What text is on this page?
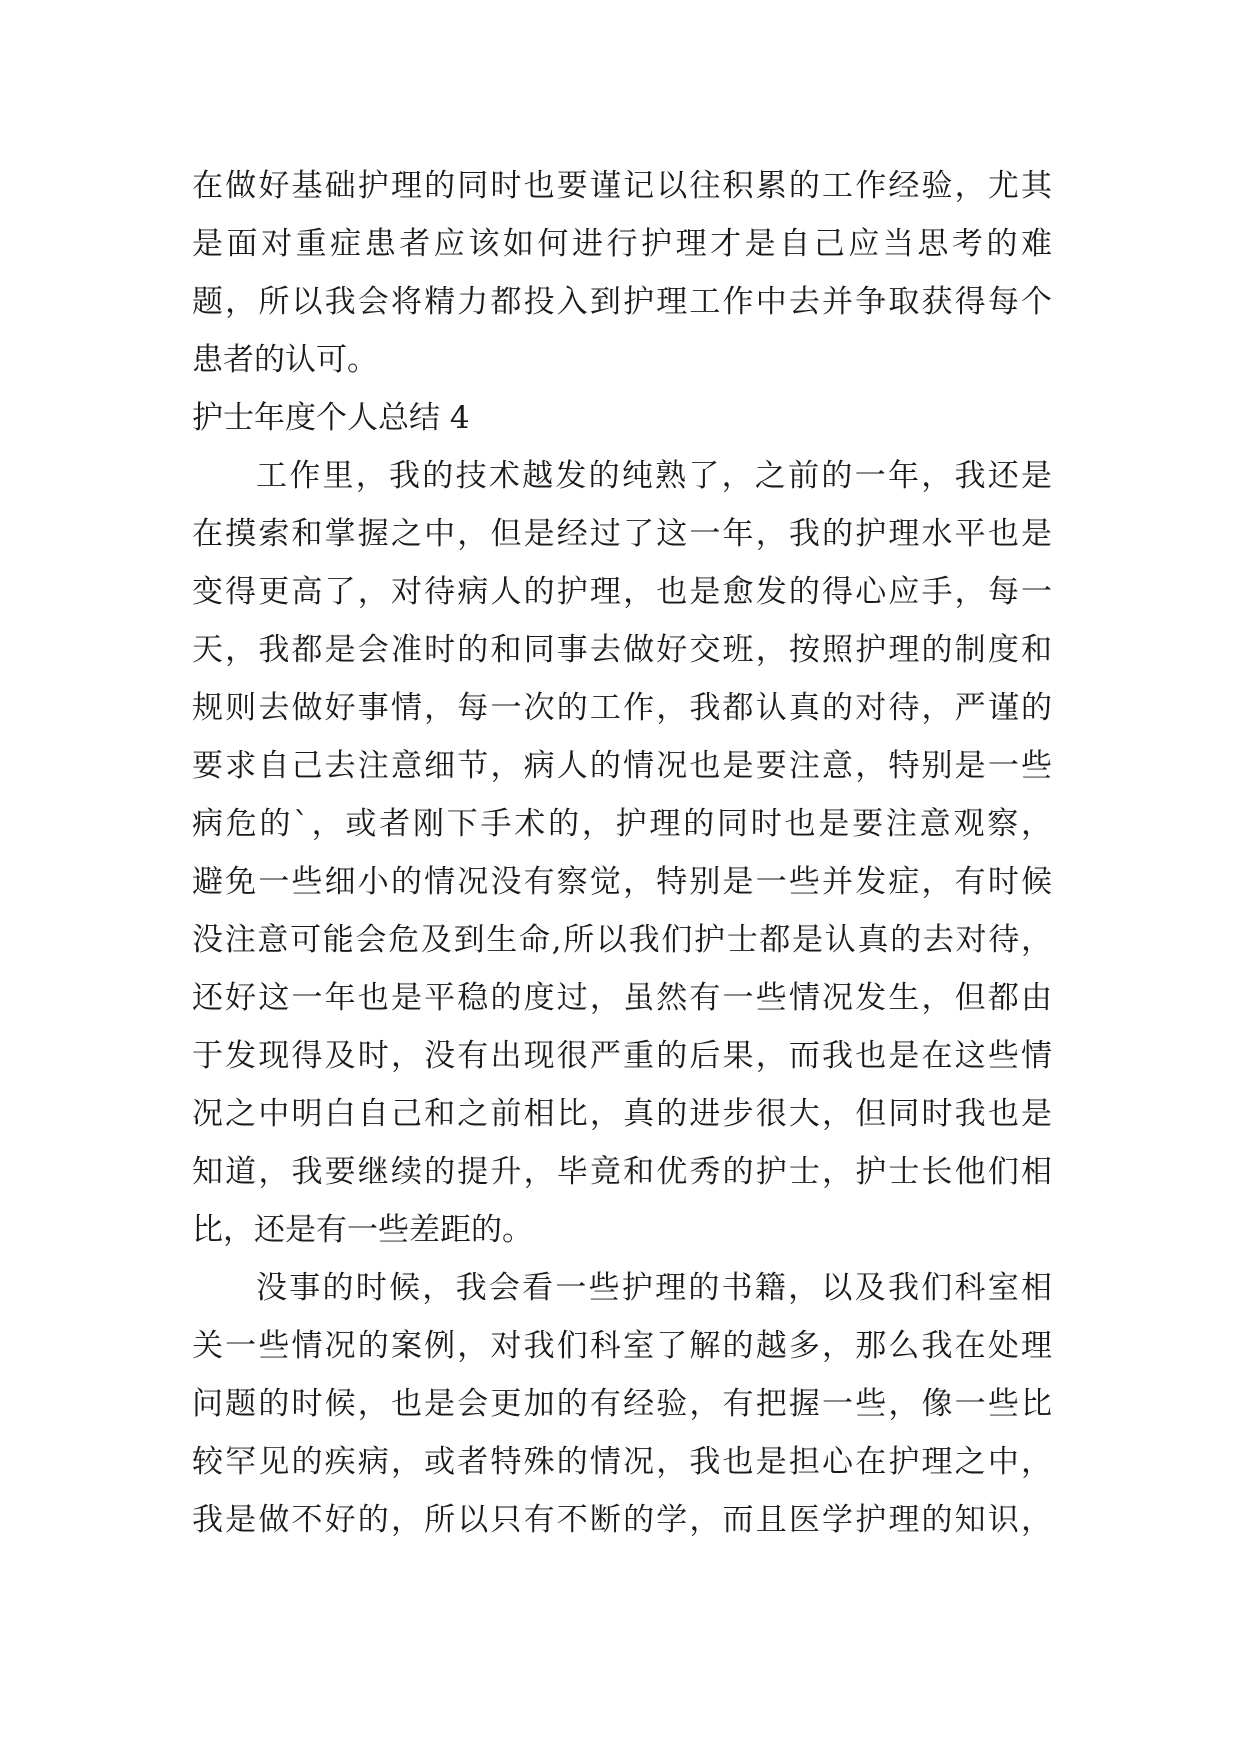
在做好基础护理的同时也要谨记以往积累的工作经验，尤其
是面对重症患者应该如何进行护理才是自己应当思考的难
题，所以我会将精力都投入到护理工作中去并争取获得每个
患者的认可。
护士年度个人总结 4
工作里，我的技术越发的纯熟了，之前的一年，我还是
在摸索和掌握之中，但是经过了这一年，我的护理水平也是
变得更高了，对待病人的护理，也是愈发的得心应手，每一
天，我都是会准时的和同事去做好交班，按照护理的制度和
规则去做好事情，每一次的工作，我都认真的对待，严谨的
要求自己去注意细节，病人的情况也是要注意，特别是一些
病危的`，或者刚下手术的，护理的同时也是要注意观察，
避免一些细小的情况没有察觉，特别是一些并发症，有时候
没注意可能会危及到生命,所以我们护士都是认真的去对待，
还好这一年也是平稳的度过，虽然有一些情况发生，但都由
于发现得及时，没有出现很严重的后果，而我也是在这些情
况之中明白自己和之前相比，真的进步很大，但同时我也是
知道，我要继续的提升，毕竟和优秀的护士，护士长他们相
比，还是有一些差距的。
没事的时候，我会看一些护理的书籍，以及我们科室相
关一些情况的案例，对我们科室了解的越多，那么我在处理
问题的时候，也是会更加的有经验，有把握一些，像一些比
较罕见的疾病，或者特殊的情况，我也是担心在护理之中，
我是做不好的，所以只有不断的学，而且医学护理的知识，
